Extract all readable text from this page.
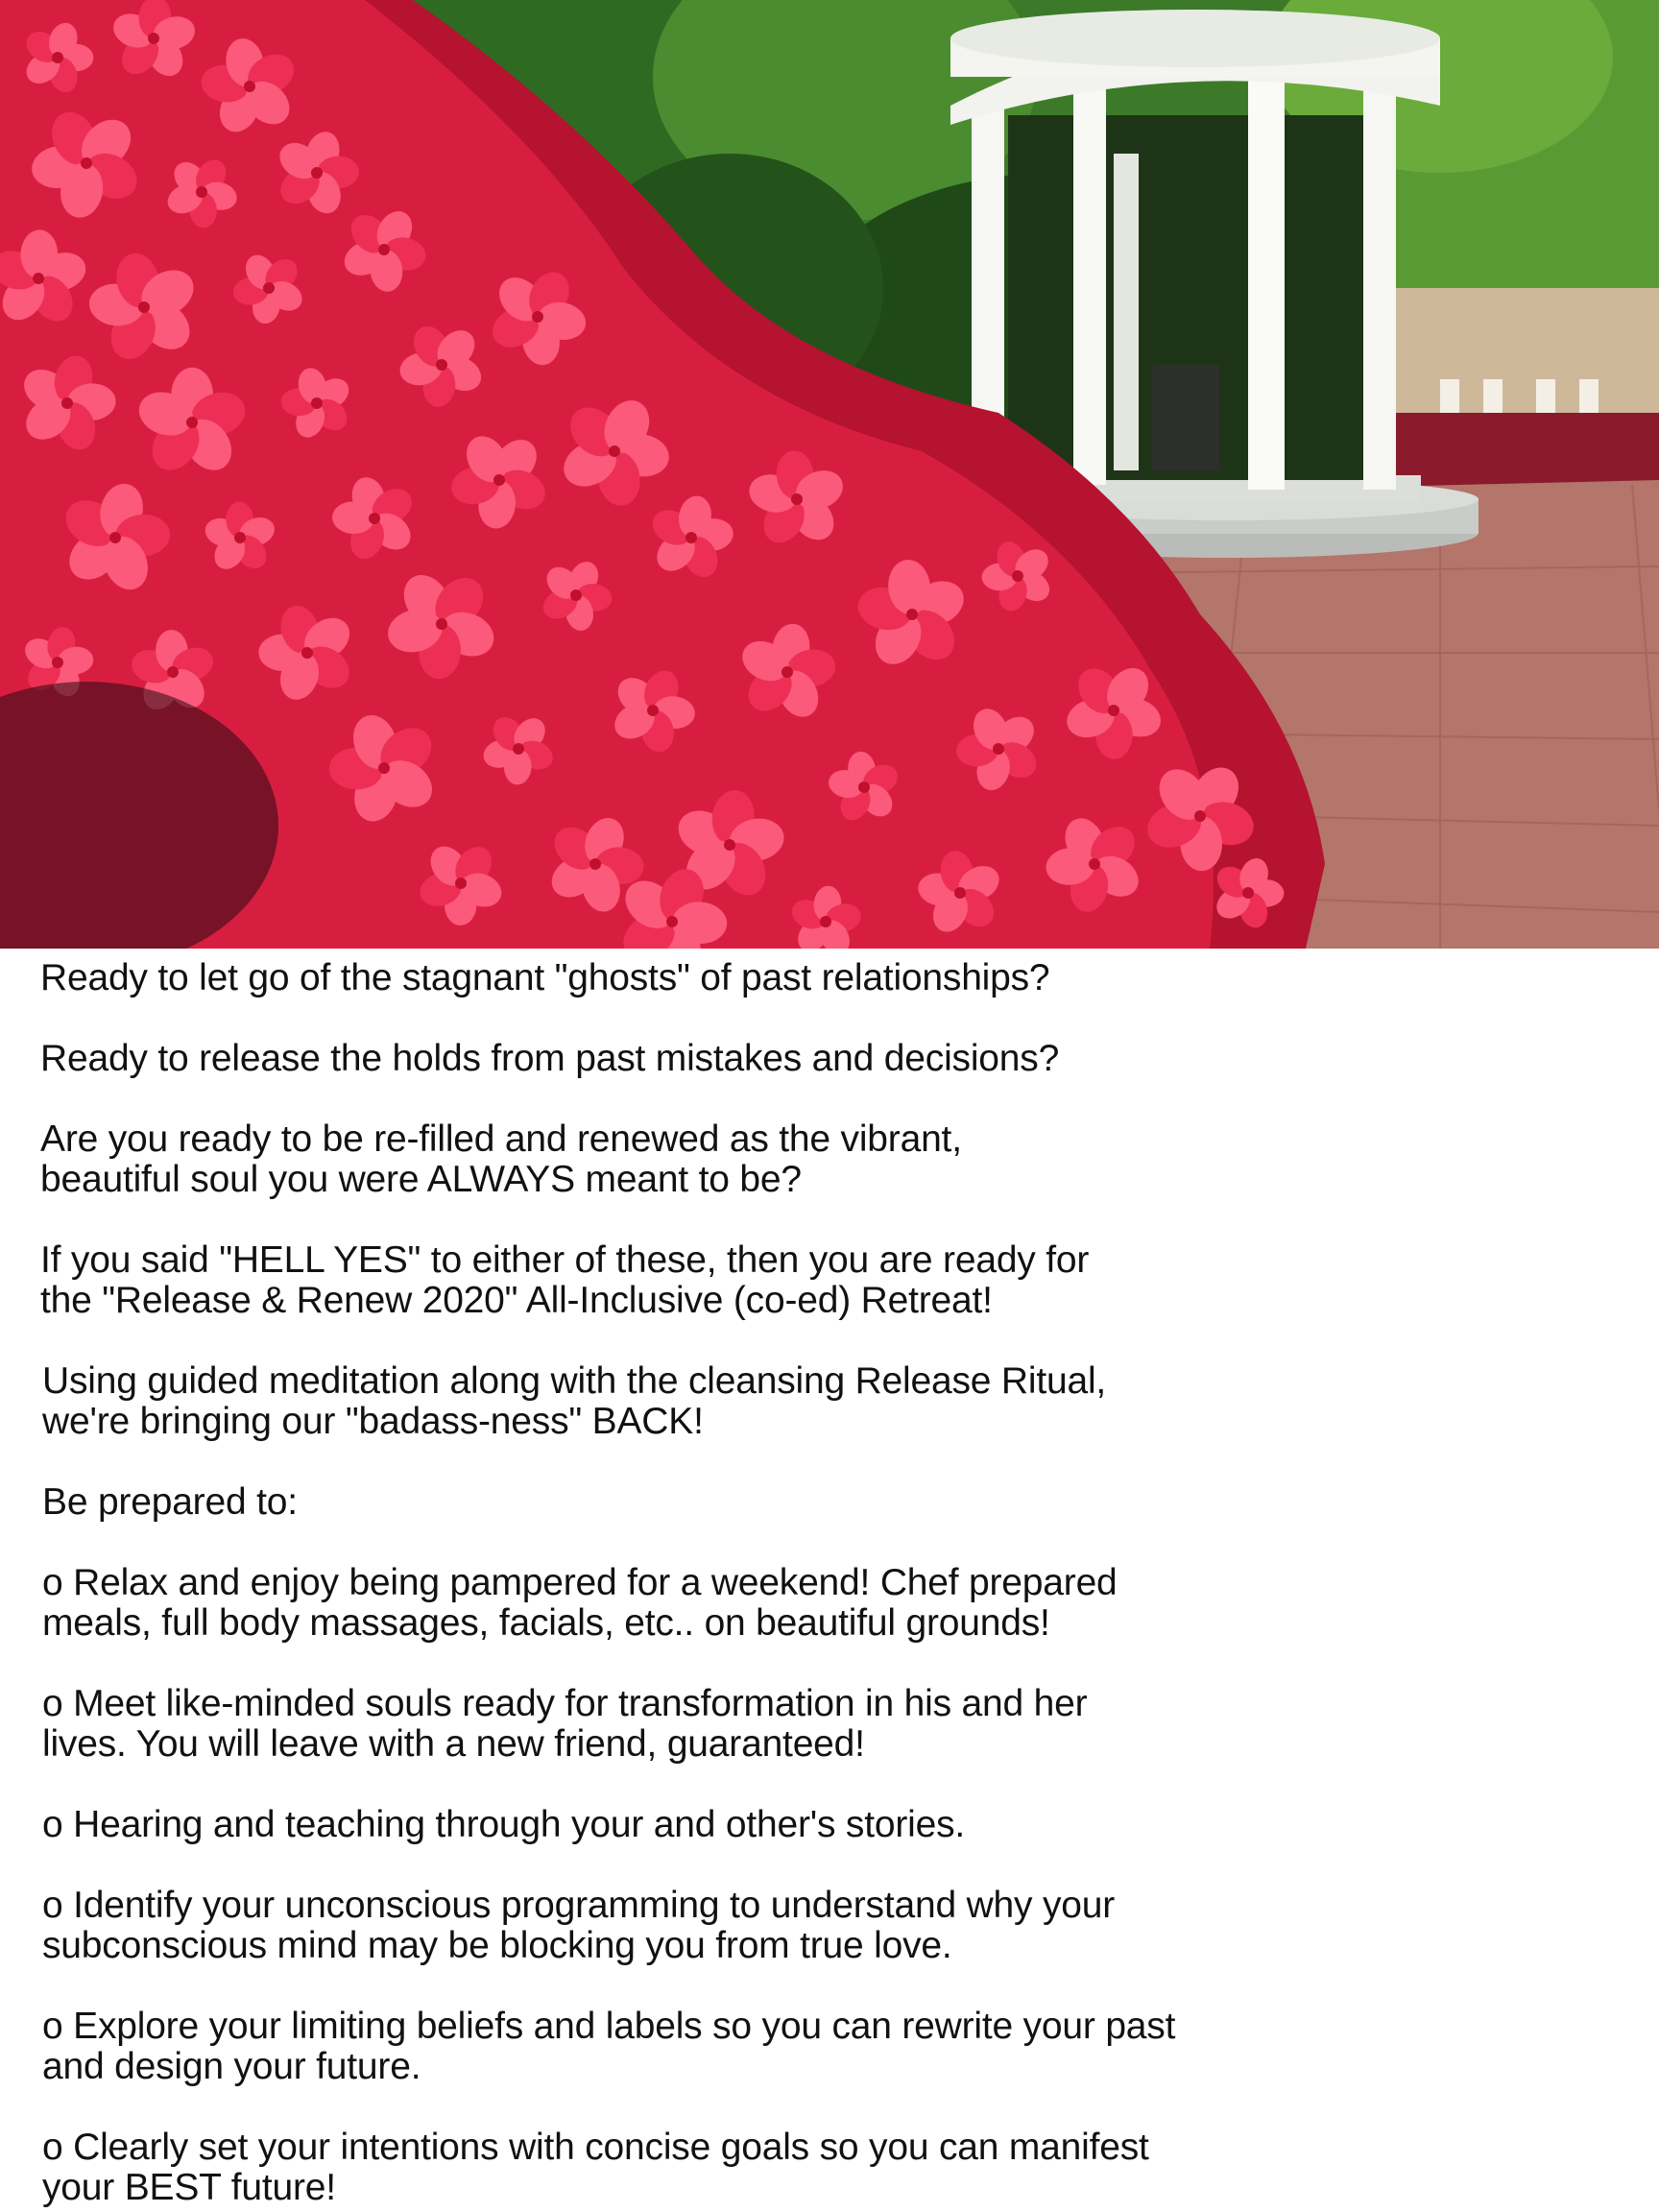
Ready to let go of the stagnant "ghosts" of past relationships?

Ready to release the holds from past mistakes and decisions?

Are you ready to be re-filled and renewed as the vibrant,
beautiful soul you were ALWAYS meant to be?

If you said "HELL YES" to either of these, then you are ready for
the "Release & Renew 2020" All-Inclusive (co-ed) Retreat!

Using guided meditation along with the cleansing Release Ritual,
we're bringing our "badass-ness" BACK!

Be prepared to:

o Relax and enjoy being pampered for a weekend! Chef prepared
meals, full body massages, facials, etc.. on beautiful grounds!

o Meet like-minded souls ready for transformation in his and her
lives. You will leave with a new friend, guaranteed!

o Hearing and teaching through your and other's stories.

o Identify your unconscious programming to understand why your
subconscious mind may be blocking you from true love.

o Explore your limiting beliefs and labels so you can rewrite your past
and design your future.

o Clearly set your intentions with concise goals so you can manifest
your BEST future!
